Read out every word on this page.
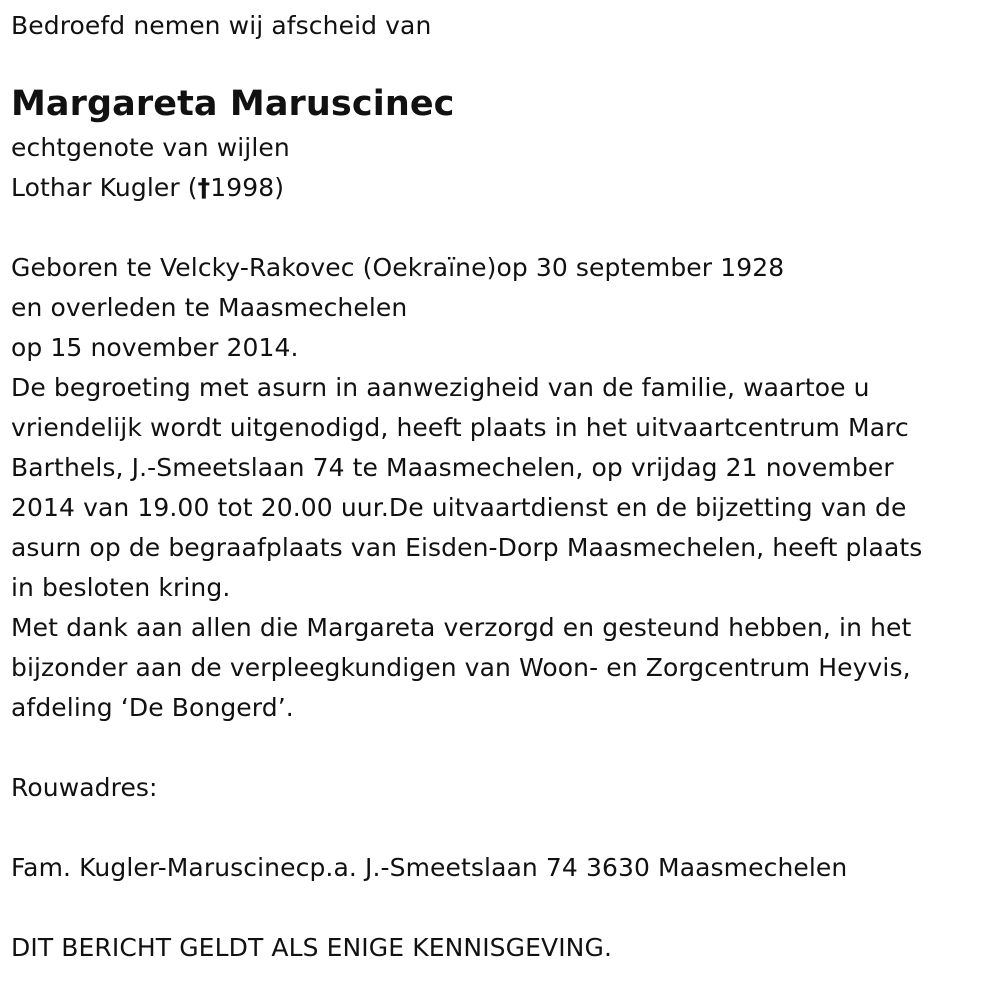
Bedroefd nemen wij afscheid van
Margareta Maruscinec
echtgenote van wijlen
Lothar Kugler (†1998)
Geboren te Velcky-Rakovec (Oekraïne)op 30 september 1928
en overleden te Maasmechelen
op 15 november 2014.
De begroeting met asurn in aanwezigheid van de familie, waartoe u
vriendelijk wordt uitgenodigd, heeft plaats in het uitvaartcentrum Marc
Barthels, J.-Smeetslaan 74 te Maasmechelen, op vrijdag 21 november
2014 van 19.00 tot 20.00 uur.De uitvaartdienst en de bijzetting van de
asurn op de begraafplaats van Eisden-Dorp Maasmechelen, heeft plaats
in besloten kring.
Met dank aan allen die Margareta verzorgd en gesteund hebben, in het
bijzonder aan de verpleegkundigen van Woon- en Zorgcentrum Heyvis,
afdeling ‘De Bongerd’.
Rouwadres:
Fam. Kugler-Maruscinecp.a. J.-Smeetslaan 74 3630 Maasmechelen
DIT BERICHT GELDT ALS ENIGE KENNISGEVING.
